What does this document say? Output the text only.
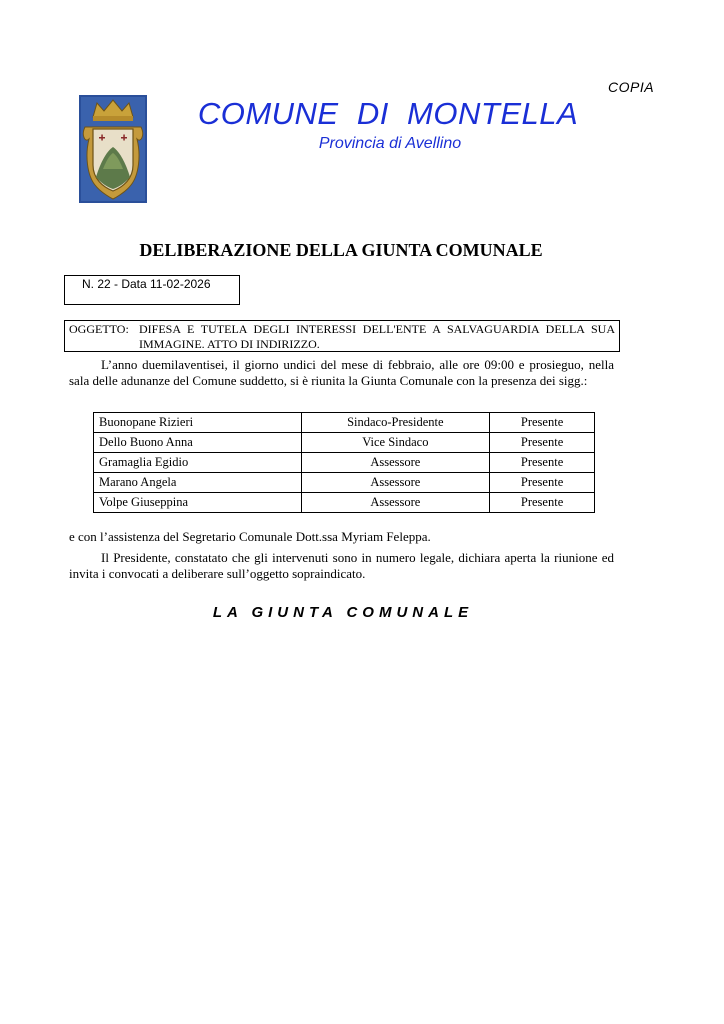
COPIA
COMUNE  DI  MONTELLA
Provincia di Avellino
DELIBERAZIONE DELLA GIUNTA COMUNALE
N. 22 - Data 11-02-2026
OGGETTO: DIFESA E TUTELA DEGLI INTERESSI DELL'ENTE A SALVAGUARDIA DELLA SUA
IMMAGINE. ATTO DI INDIRIZZO.
L’anno duemilaventisei, il giorno undici del mese di febbraio, alle ore 09:00 e prosieguo, nella sala delle adunanze del Comune suddetto, si è riunita la Giunta Comunale con la presenza dei sigg.:
Buonopane Rizieri	Sindaco-Presidente	Presente
Dello Buono Anna	Vice Sindaco	Presente
Gramaglia Egidio	Assessore	Presente
Marano Angela	Assessore	Presente
Volpe Giuseppina	Assessore	Presente
e con l’assistenza del Segretario Comunale Dott.ssa Myriam Feleppa.
Il Presidente, constatato che gli intervenuti sono in numero legale, dichiara aperta la riunione ed invita i convocati a deliberare sull’oggetto sopraindicato.
LA GIUNTA COMUNALE
